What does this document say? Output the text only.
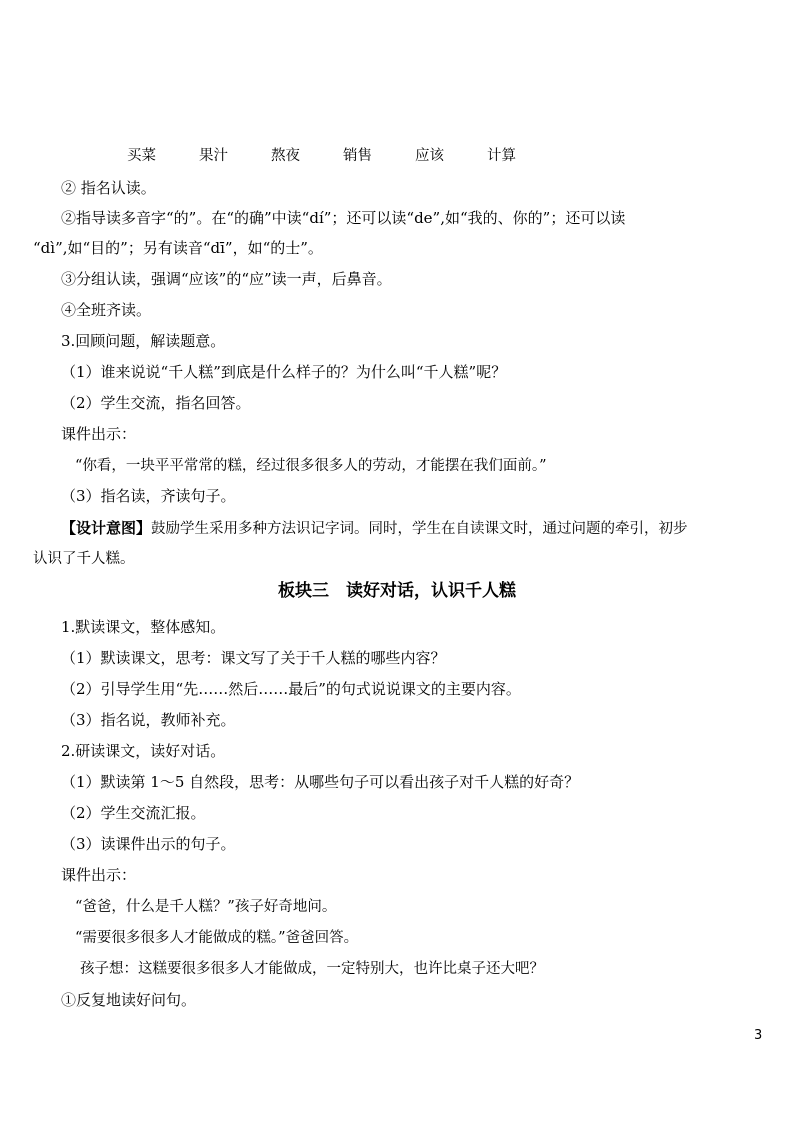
买菜	果汁	熬夜	销售	应该	计算
② 指名认读。
②指导读多音字“的”。在“的确”中读“dí”；还可以读“de”,如“我的、你的”；还可以读
“dì”,如“目的”；另有读音“dī”，如“的士”。
③分组认读，强调“应该”的“应”读一声，后鼻音。
④全班齐读。
3.回顾问题，解读题意。
（1）谁来说说“千人糕”到底是什么样子的？为什么叫“千人糕”呢？
（2）学生交流，指名回答。
课件出示：
“你看，一块平平常常的糕，经过很多很多人的劳动，才能摆在我们面前。”
（3）指名读，齐读句子。
【设计意图】鼓励学生采用多种方法识记字词。同时，学生在自读课文时，通过问题的牵引，初步
认识了千人糕。
板块三　读好对话，认识千人糕
1.默读课文，整体感知。
（1）默读课文，思考：课文写了关于千人糕的哪些内容？
（2）引导学生用“先……然后……最后”的句式说说课文的主要内容。
（3）指名说，教师补充。
2.研读课文，读好对话。
（1）默读第 1～5 自然段，思考：从哪些句子可以看出孩子对千人糕的好奇？
（2）学生交流汇报。
（3）读课件出示的句子。
课件出示：
“爸爸，什么是千人糕？”孩子好奇地问。
“需要很多很多人才能做成的糕。”爸爸回答。
孩子想：这糕要很多很多人才能做成，一定特别大，也许比桌子还大吧？
①反复地读好问句。
3
